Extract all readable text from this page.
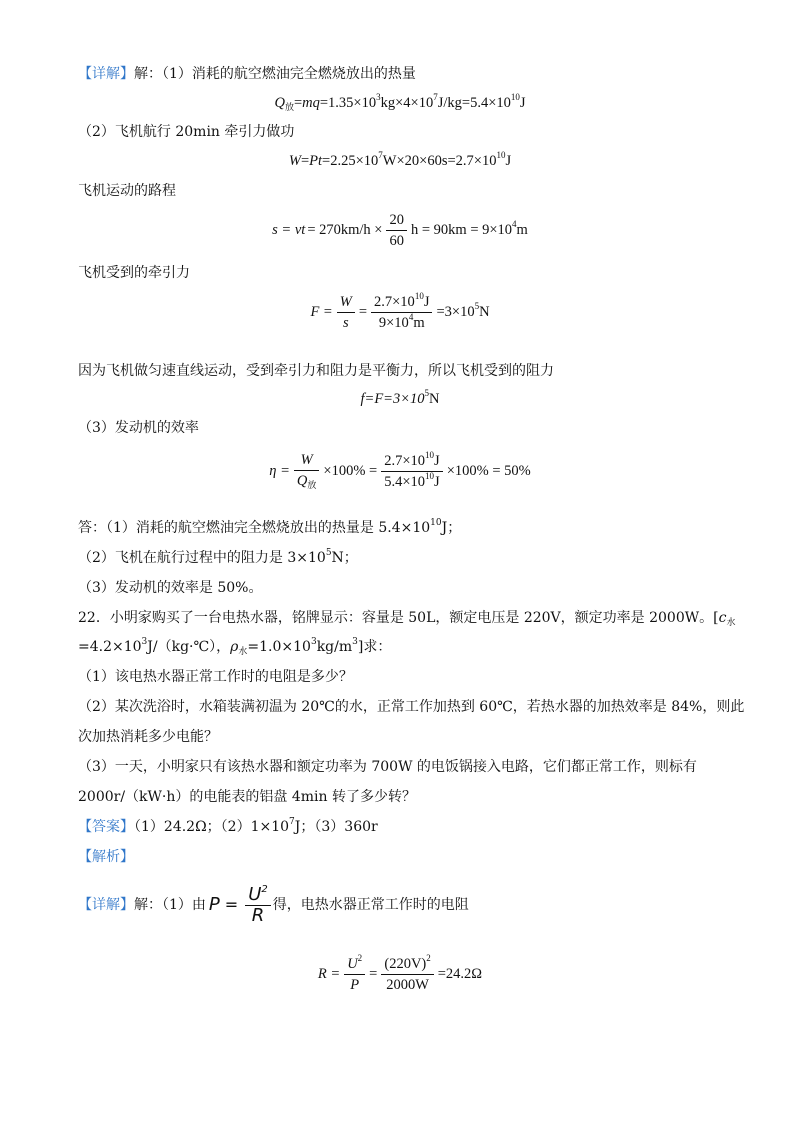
【详解】解：（1）消耗的航空燃油完全燃烧放出的热量
$Q_放=mq=1.35\times 10^3kg\times 4\times 10^7J/kg=5.4\times 10^{10}J$
（2）飞机航行 20min 牵引力做功
$W=Pt=2.25\times 10^7W\times 20\times 60s=2.7\times 10^{10}J$
飞机运动的路程
s = vt = $270km/h \times \frac{20}{60}$ $h = 90km = 9\times 10^4m$
飞机受到的牵引力
$F = \frac{W}{s} = \frac{2.7\times 10^{10}J}{9\times 10^4m} =3\times 10^5N$
因为飞机做匀速直线运动，受到牵引力和阻力是平衡力，所以飞机受到的阻力
$f=F=3\times 10^5N$
（3）发动机的效率
$\eta = \frac{W}{Q_放} \times 100\% = \frac{2.7\times 10^{10}J}{5.4\times 10^{10}J} \times 100\% = 50\%$
答：（1）消耗的航空燃油完全燃烧放出的热量是 $5.4\times 10^{10}J$；
（2）飞机在航行过程中的阻力是 $3\times 10^5N$；
（3）发动机的效率是 50%。
22．小明家购买了一台电热水器，铭牌显示：容量是 50L，额定电压是 220V，额定功率是 2000W。[$c_水$
$=4.2\times 10^3J/(kg\cdot℃)$，$\rho_水=1.0\times 10^3kg/m^3$]求：
（1）该电热水器正常工作时的电阻是多少？
（2）某次洗浴时，水箱装满初温为 20℃的水，正常工作加热到 60℃，若热水器的加热效率是 84%，则此
次加热消耗多少电能？
（3）一天，小明家只有该热水器和额定功率为 700W 的电饭锅接入电路，它们都正常工作，则标有
2000r/（kW·h）的电能表的铝盘 4min 转了多少转？
【答案】（1）24.2Ω；$(2)1\times 10^7J$；（3）360r
【解析】
【详解】 解：（1）由 $P = \frac{U^2}{R}$ 得，电热水器正常工作时的电阻
$R = \frac{U^2}{P} = \frac{(220V)^2}{2000W} =24.2\Omega$
